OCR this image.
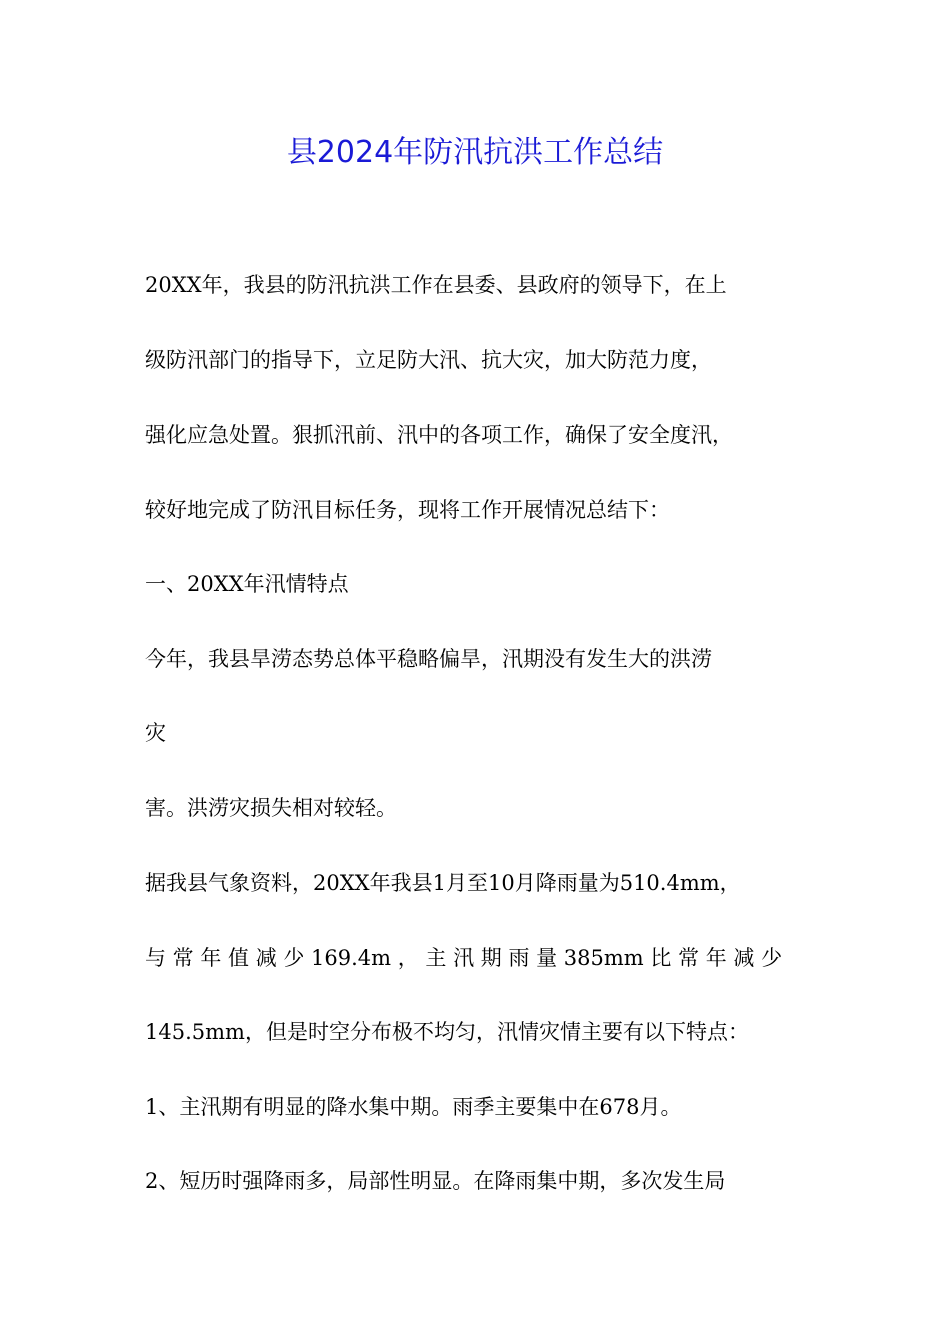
县2024年防汛抗洪工作总结
20XX年，我县的防汛抗洪工作在县委、县政府的领导下，在上
级防汛部门的指导下，立足防大汛、抗大灾，加大防范力度，
强化应急处置。狠抓汛前、汛中的各项工作，确保了安全度汛，
较好地完成了防汛目标任务，现将工作开展情况总结下：
一、20XX年汛情特点
今年，我县旱涝态势总体平稳略偏旱，汛期没有发生大的洪涝
灾
害。洪涝灾损失相对较轻。
据我县气象资料，20XX年我县1月至10月降雨量为510.4mm，
与 常 年 值 减 少 169.4m ， 主 汛 期 雨 量 385mm 比 常 年 减 少
145.5mm，但是时空分布极不均匀，汛情灾情主要有以下特点：
1、主汛期有明显的降水集中期。雨季主要集中在678月。
2、短历时强降雨多，局部性明显。在降雨集中期，多次发生局
